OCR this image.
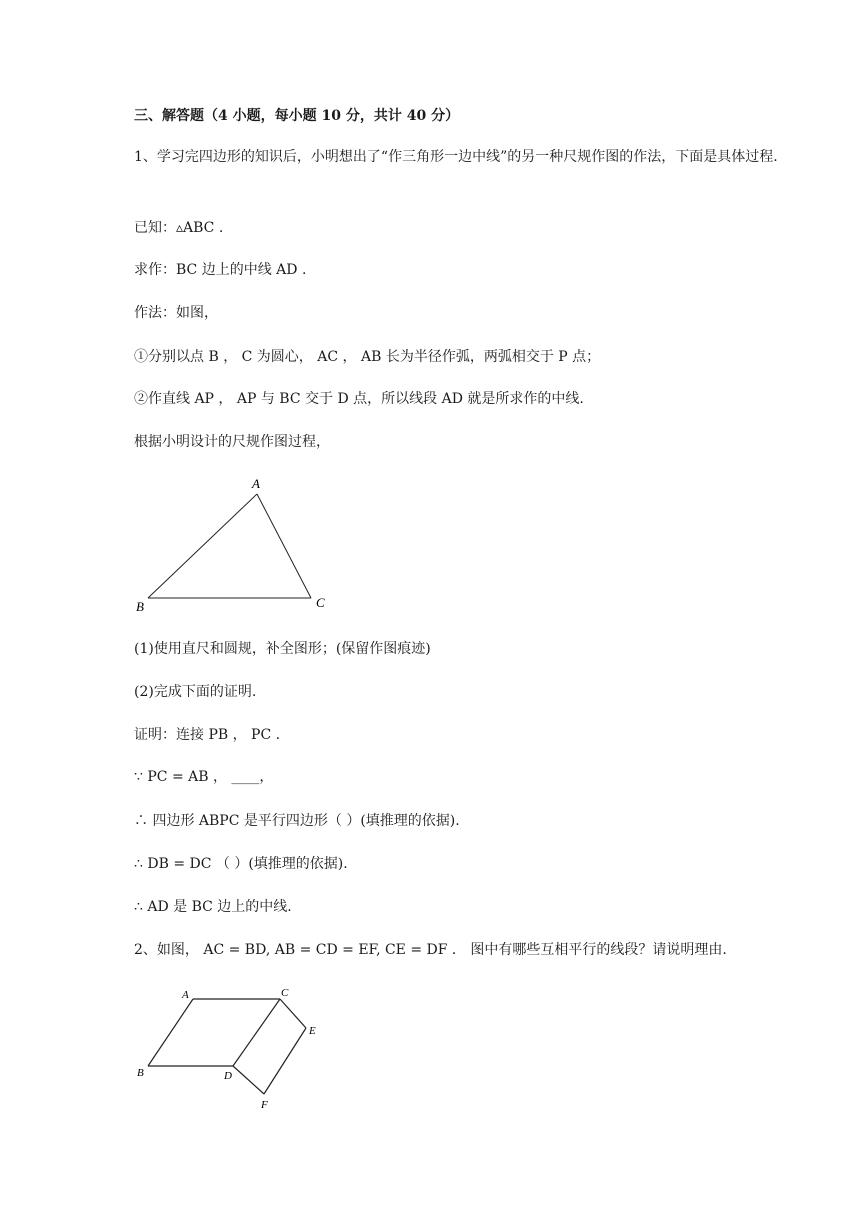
三、解答题（4 小题，每小题 10 分，共计 40 分）
1、学习完四边形的知识后，小明想出了“作三角形一边中线”的另一种尺规作图的作法，下面是具体过程.
已知：▵ABC .
求作：BC 边上的中线 AD .
作法：如图，
①分别以点 B ， C 为圆心， AC ， AB 长为半径作弧，两弧相交于 P 点；
②作直线 AP ， AP 与 BC 交于 D 点，所以线段 AD 就是所求作的中线.
根据小明设计的尺规作图过程，
A
B	C
(1)使用直尺和圆规，补全图形；(保留作图痕迹)
(2)完成下面的证明.
证明：连接 PB ， PC .
∵ PC = AB ， ____，
∴ 四边形 ABPC 是平行四边形（ ）(填推理的依据).
∴ DB = DC （ ）(填推理的依据).
∴ AD 是 BC 边上的中线.
2、如图， AC = BD, AB = CD = EF, CE = DF ． 图中有哪些互相平行的线段？请说明理由.
A
B
C
D
E
F
